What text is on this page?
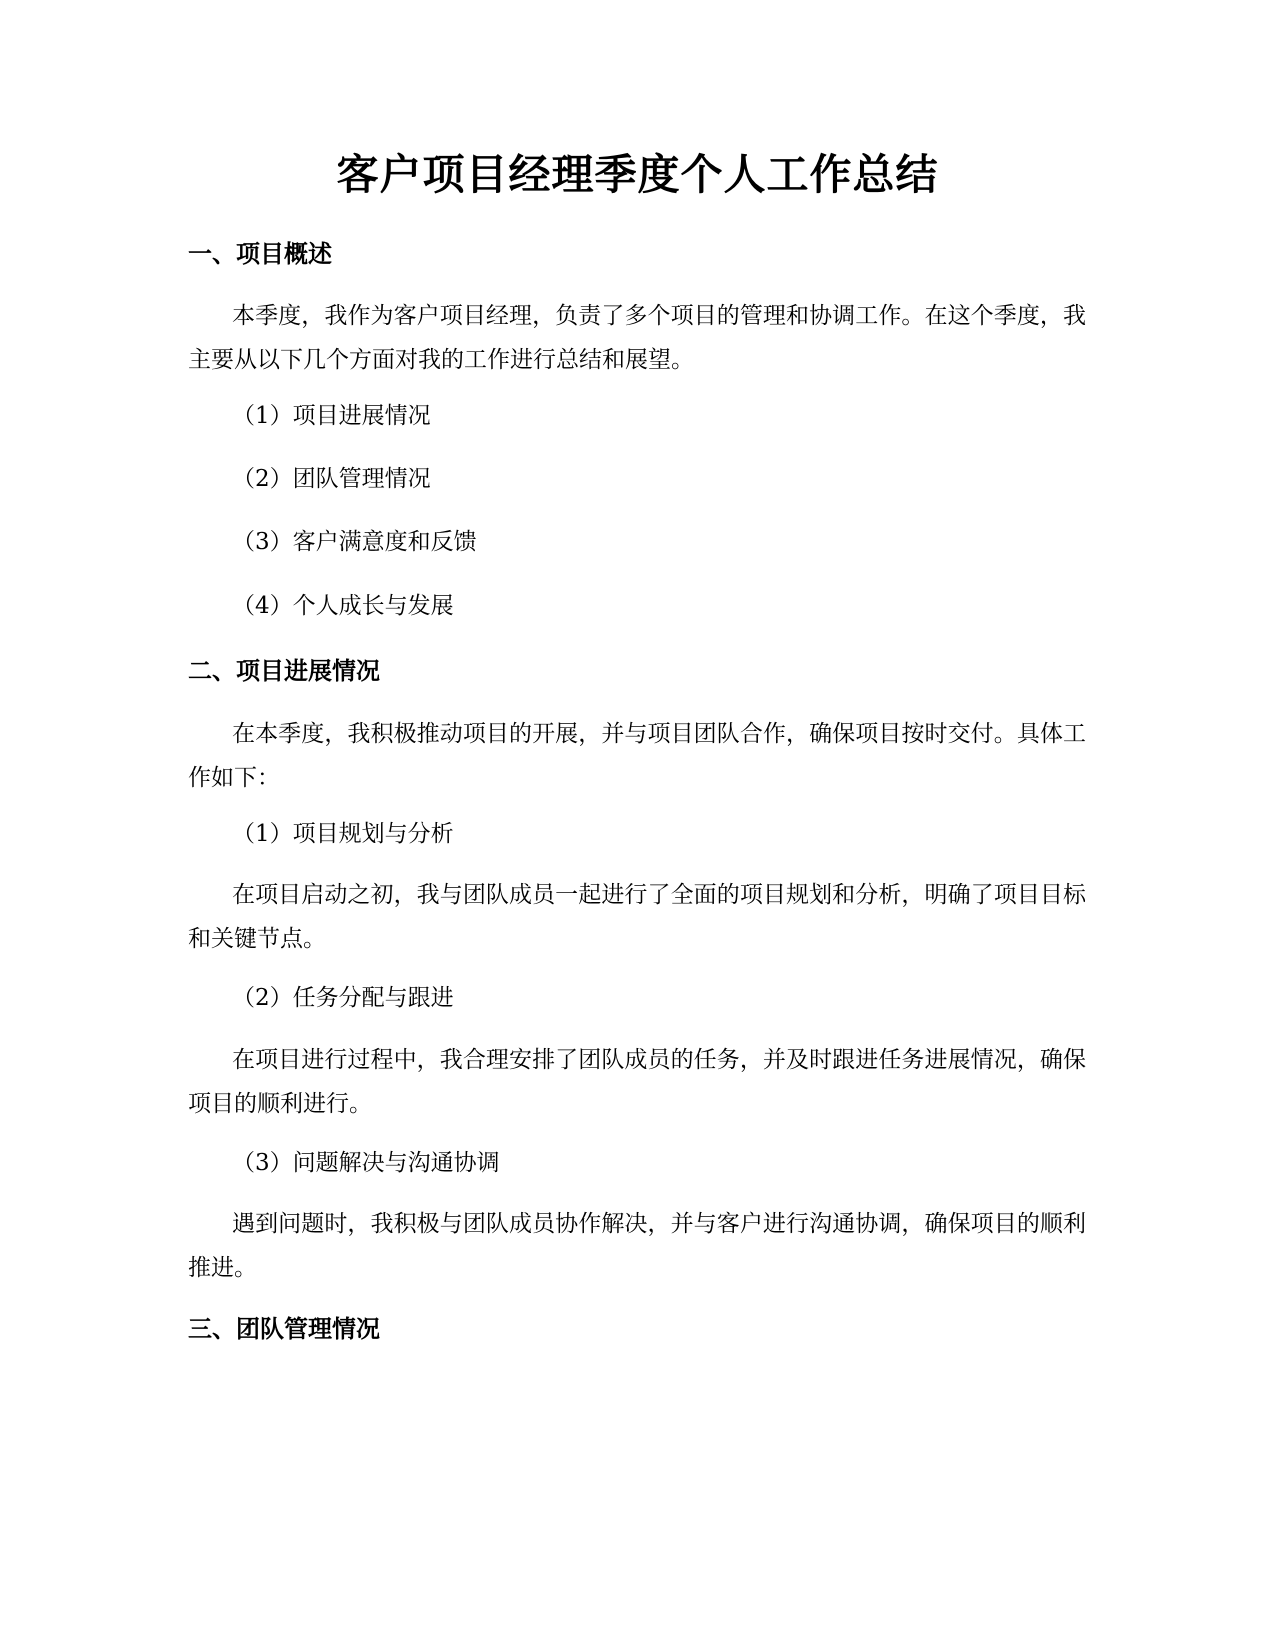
客户项目经理季度个人工作总结
一、项目概述
本季度，我作为客户项目经理，负责了多个项目的管理和协调工作。在这个季度，我主要从以下几个方面对我的工作进行总结和展望。
（1）项目进展情况
（2）团队管理情况
（3）客户满意度和反馈
（4）个人成长与发展
二、项目进展情况
在本季度，我积极推动项目的开展，并与项目团队合作，确保项目按时交付。具体工作如下：
（1）项目规划与分析
在项目启动之初，我与团队成员一起进行了全面的项目规划和分析，明确了项目目标和关键节点。
（2）任务分配与跟进
在项目进行过程中，我合理安排了团队成员的任务，并及时跟进任务进展情况，确保项目的顺利进行。
（3）问题解决与沟通协调
遇到问题时，我积极与团队成员协作解决，并与客户进行沟通协调，确保项目的顺利推进。
三、团队管理情况
